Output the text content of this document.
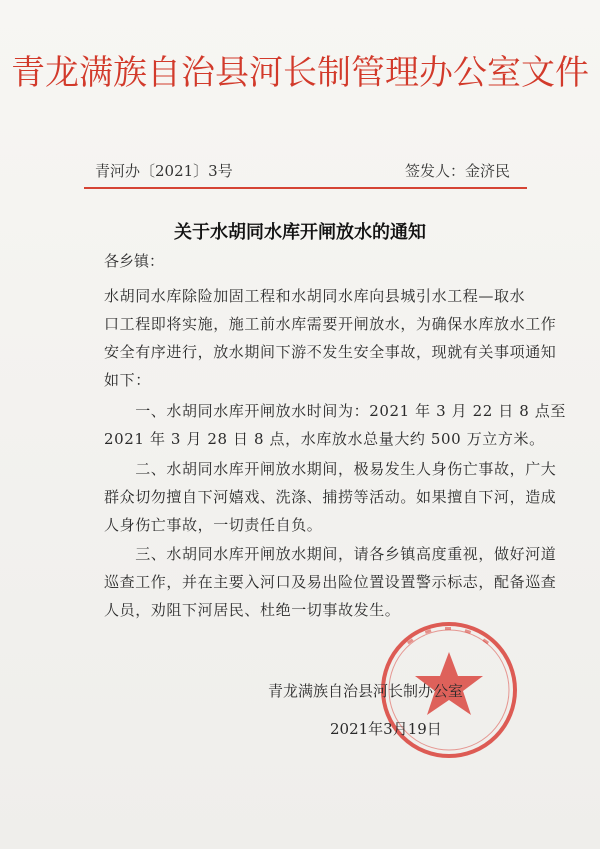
青龙满族自治县河长制管理办公室文件
青河办〔2021〕3号	签发人：金济民
关于水胡同水库开闸放水的通知
各乡镇：
水胡同水库除险加固工程和水胡同水库向县城引水工程—取水
口工程即将实施，施工前水库需要开闸放水，为确保水库放水工作
安全有序进行，放水期间下游不发生安全事故，现就有关事项通知
如下：
　　一、水胡同水库开闸放水时间为：2021 年 3 月 22 日 8 点至
2021 年 3 月 28 日 8 点，水库放水总量大约 500 万立方米。
　　二、水胡同水库开闸放水期间，极易发生人身伤亡事故，广大
群众切勿擅自下河嬉戏、洗涤、捕捞等活动。如果擅自下河，造成
人身伤亡事故，一切责任自负。
　　三、水胡同水库开闸放水期间，请各乡镇高度重视，做好河道
巡查工作，并在主要入河口及易出险位置设置警示标志，配备巡查
人员，劝阻下河居民、杜绝一切事故发生。
青龙满族自治县河长制办公室
2021年3月19日
